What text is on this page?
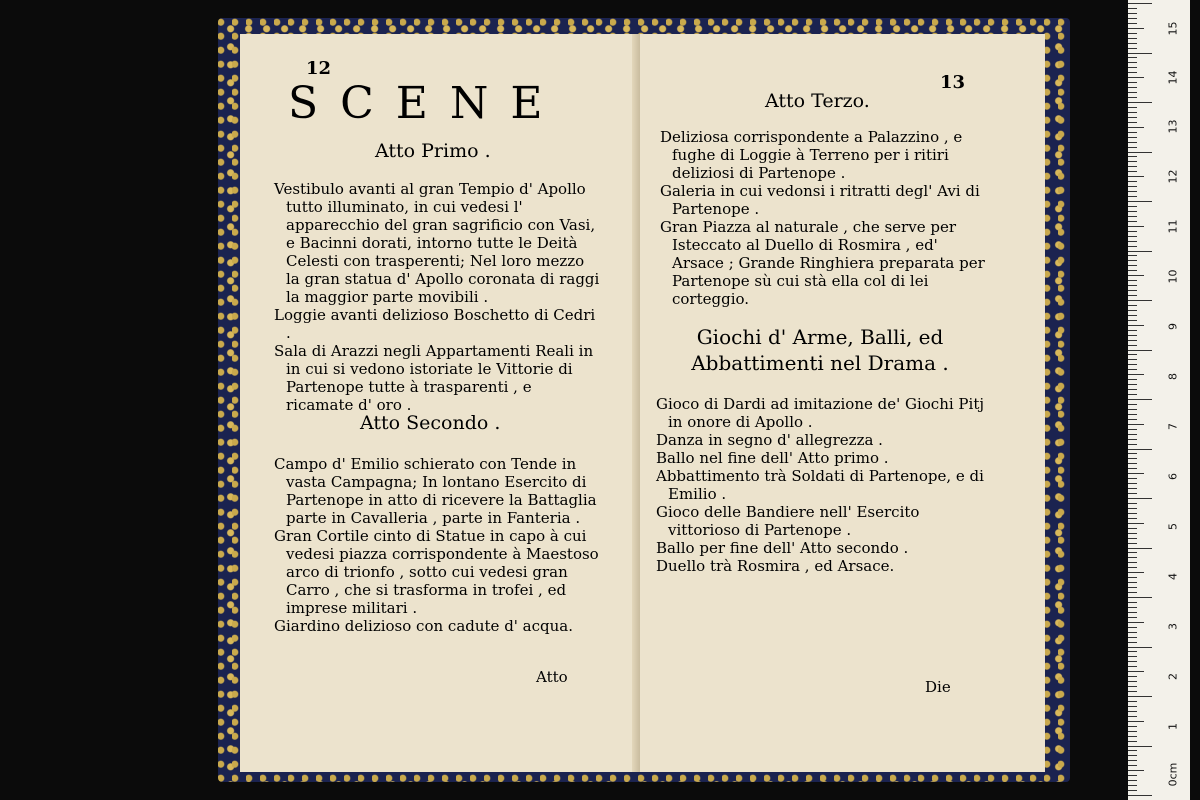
12
SCENE
Atto Primo .
Vestibulo avanti al gran Tempio d' Apollo tutto illuminato, in cui vedesi l' apparecchio del gran sagrificio con Vasi, e Bacinni dorati, intorno tutte le Deità Celesti con trasperenti; Nel loro mezzo la gran statua d' Apollo coronata di raggi la maggior parte movibili .
Loggie avanti delizioso Boschetto di Cedri .
Sala di Arazzi negli Appartamenti Reali in in cui si vedono istoriate le Vittorie di Partenope tutte à trasparenti , e ricamate d' oro .
Atto Secondo .
Campo d' Emilio schierato con Tende in vasta Campagna; In lontano Esercito di Partenope in atto di ricevere la Battaglia parte in Cavalleria , parte in Fanteria .
Gran Cortile cinto di Statue in capo à cui vedesi piazza corrispondente à Maestoso arco di trionfo , sotto cui vedesi gran Carro , che si trasforma in trofei , ed imprese militari .
Giardino delizioso con cadute d' acqua.
Atto
13
Atto Terzo.
Deliziosa corrispondente a Palazzino , e fughe di Loggie à Terreno per i ritiri deliziosi di Partenope .
Galeria in cui vedonsi i ritratti degl' Avi di Partenope .
Gran Piazza al naturale , che serve per Isteccato al Duello di Rosmira , ed' Arsace ; Grande Ringhiera preparata per Partenope sù cui stà ella col di lei corteggio.
Giochi d' Arme, Balli, ed Abbattimenti nel Drama .
Gioco di Dardi ad imitazione de' Giochi Pitj in onore di Apollo .
Danza in segno d' allegrezza .
Ballo nel fine dell' Atto primo .
Abbattimento trà Soldati di Partenope, e di Emilio .
Gioco delle Bandiere nell' Esercito vittorioso di Partenope .
Ballo per fine dell' Atto secondo .
Duello trà Rosmira , ed Arsace.
Die
15
14
13
12
11
10
9
8
7
6
5
4
3
2
1
0cm
